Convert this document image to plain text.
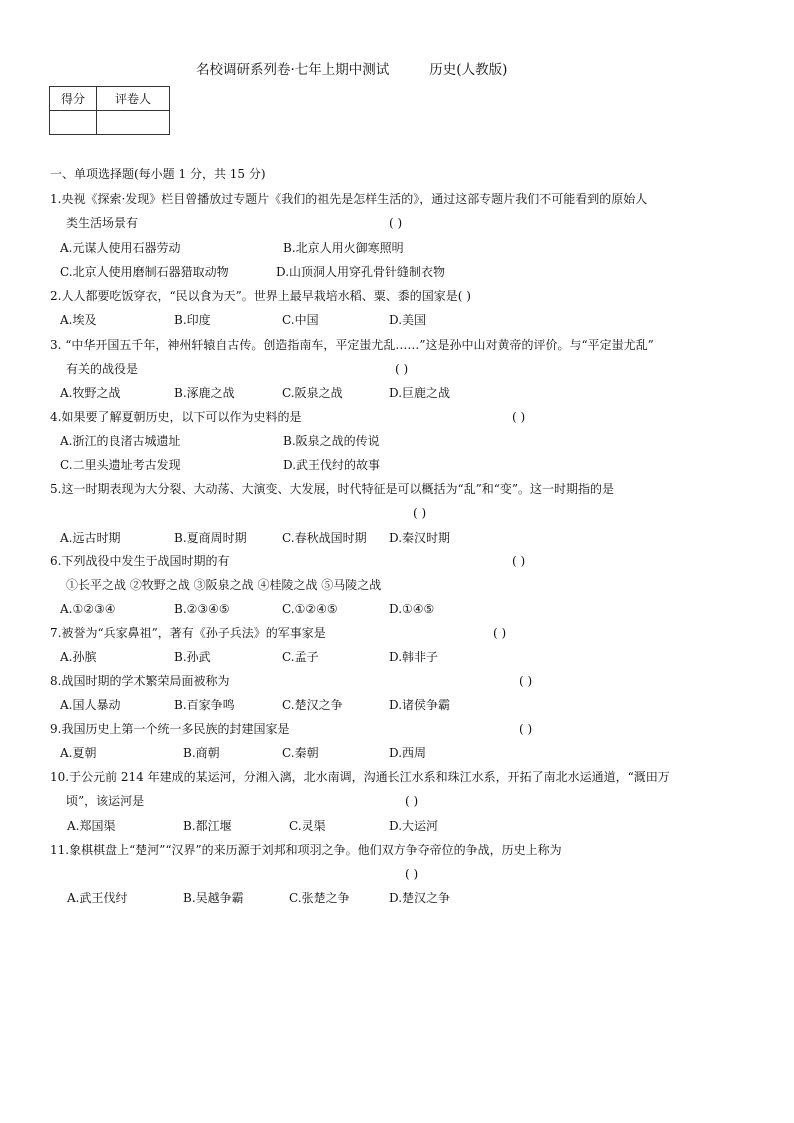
名校调研系列卷·七年上期中测试	历史(人教版)
得分	评卷人

一、单项选择题(每小题 1 分，共 15 分)
1.央视《探索·发现》栏目曾播放过专题片《我们的祖先是怎样生活的》，通过这部专题片我们不可能看到的原始人
类生活场景有	( )
A.元谋人使用石器劳动	B.北京人用火御寒照明
C.北京人使用磨制石器猎取动物	D.山顶洞人用穿孔骨针缝制衣物
2.人人都要吃饭穿衣，“民以食为天”。世界上最早栽培水稻、粟、黍的国家是( )
A.埃及	B.印度	C.中国	D.美国
3. “中华开国五千年，神州轩辕自古传。创造指南车，平定蚩尤乱……”这是孙中山对黄帝的评价。与“平定蚩尤乱”
有关的战役是	( )
A.牧野之战	B.涿鹿之战	C.阪泉之战	D.巨鹿之战
4.如果要了解夏朝历史，以下可以作为史料的是	( )
A.浙江的良渚古城遗址	B.阪泉之战的传说
C.二里头遗址考古发现	D.武王伐纣的故事
5.这一时期表现为大分裂、大动荡、大演变、大发展，时代特征是可以概括为“乱”和“变”。这一时期指的是
( )
A.远古时期	B.夏商周时期	C.春秋战国时期 D.秦汉时期
6.下列战役中发生于战国时期的有	( )
①长平之战 ②牧野之战 ③阪泉之战 ④桂陵之战 ⑤马陵之战
A.①②③④	B.②③④⑤	C.①②④⑤	D.①④⑤
7.被誉为“兵家鼻祖”，著有《孙子兵法》的军事家是	( )
A.孙膑	B.孙武	C.孟子	D.韩非子
8.战国时期的学术繁荣局面被称为	( )
A.国人暴动	B.百家争鸣	C.楚汉之争	D.诸侯争霸
9.我国历史上第一个统一多民族的封建国家是	( )
A.夏朝	B.商朝	C.秦朝	D.西周
10.于公元前 214 年建成的某运河，分湘入漓，北水南调，沟通长江水系和珠江水系，开拓了南北水运通道，“溉田万
顷”，该运河是	( )
A.郑国渠	B.都江堰	C.灵渠	D.大运河
11.象棋棋盘上“楚河”“汉界”的来历源于刘邦和项羽之争。他们双方争夺帝位的争战，历史上称为
( )
A.武王伐纣	B.吴越争霸	C.张楚之争	D.楚汉之争
